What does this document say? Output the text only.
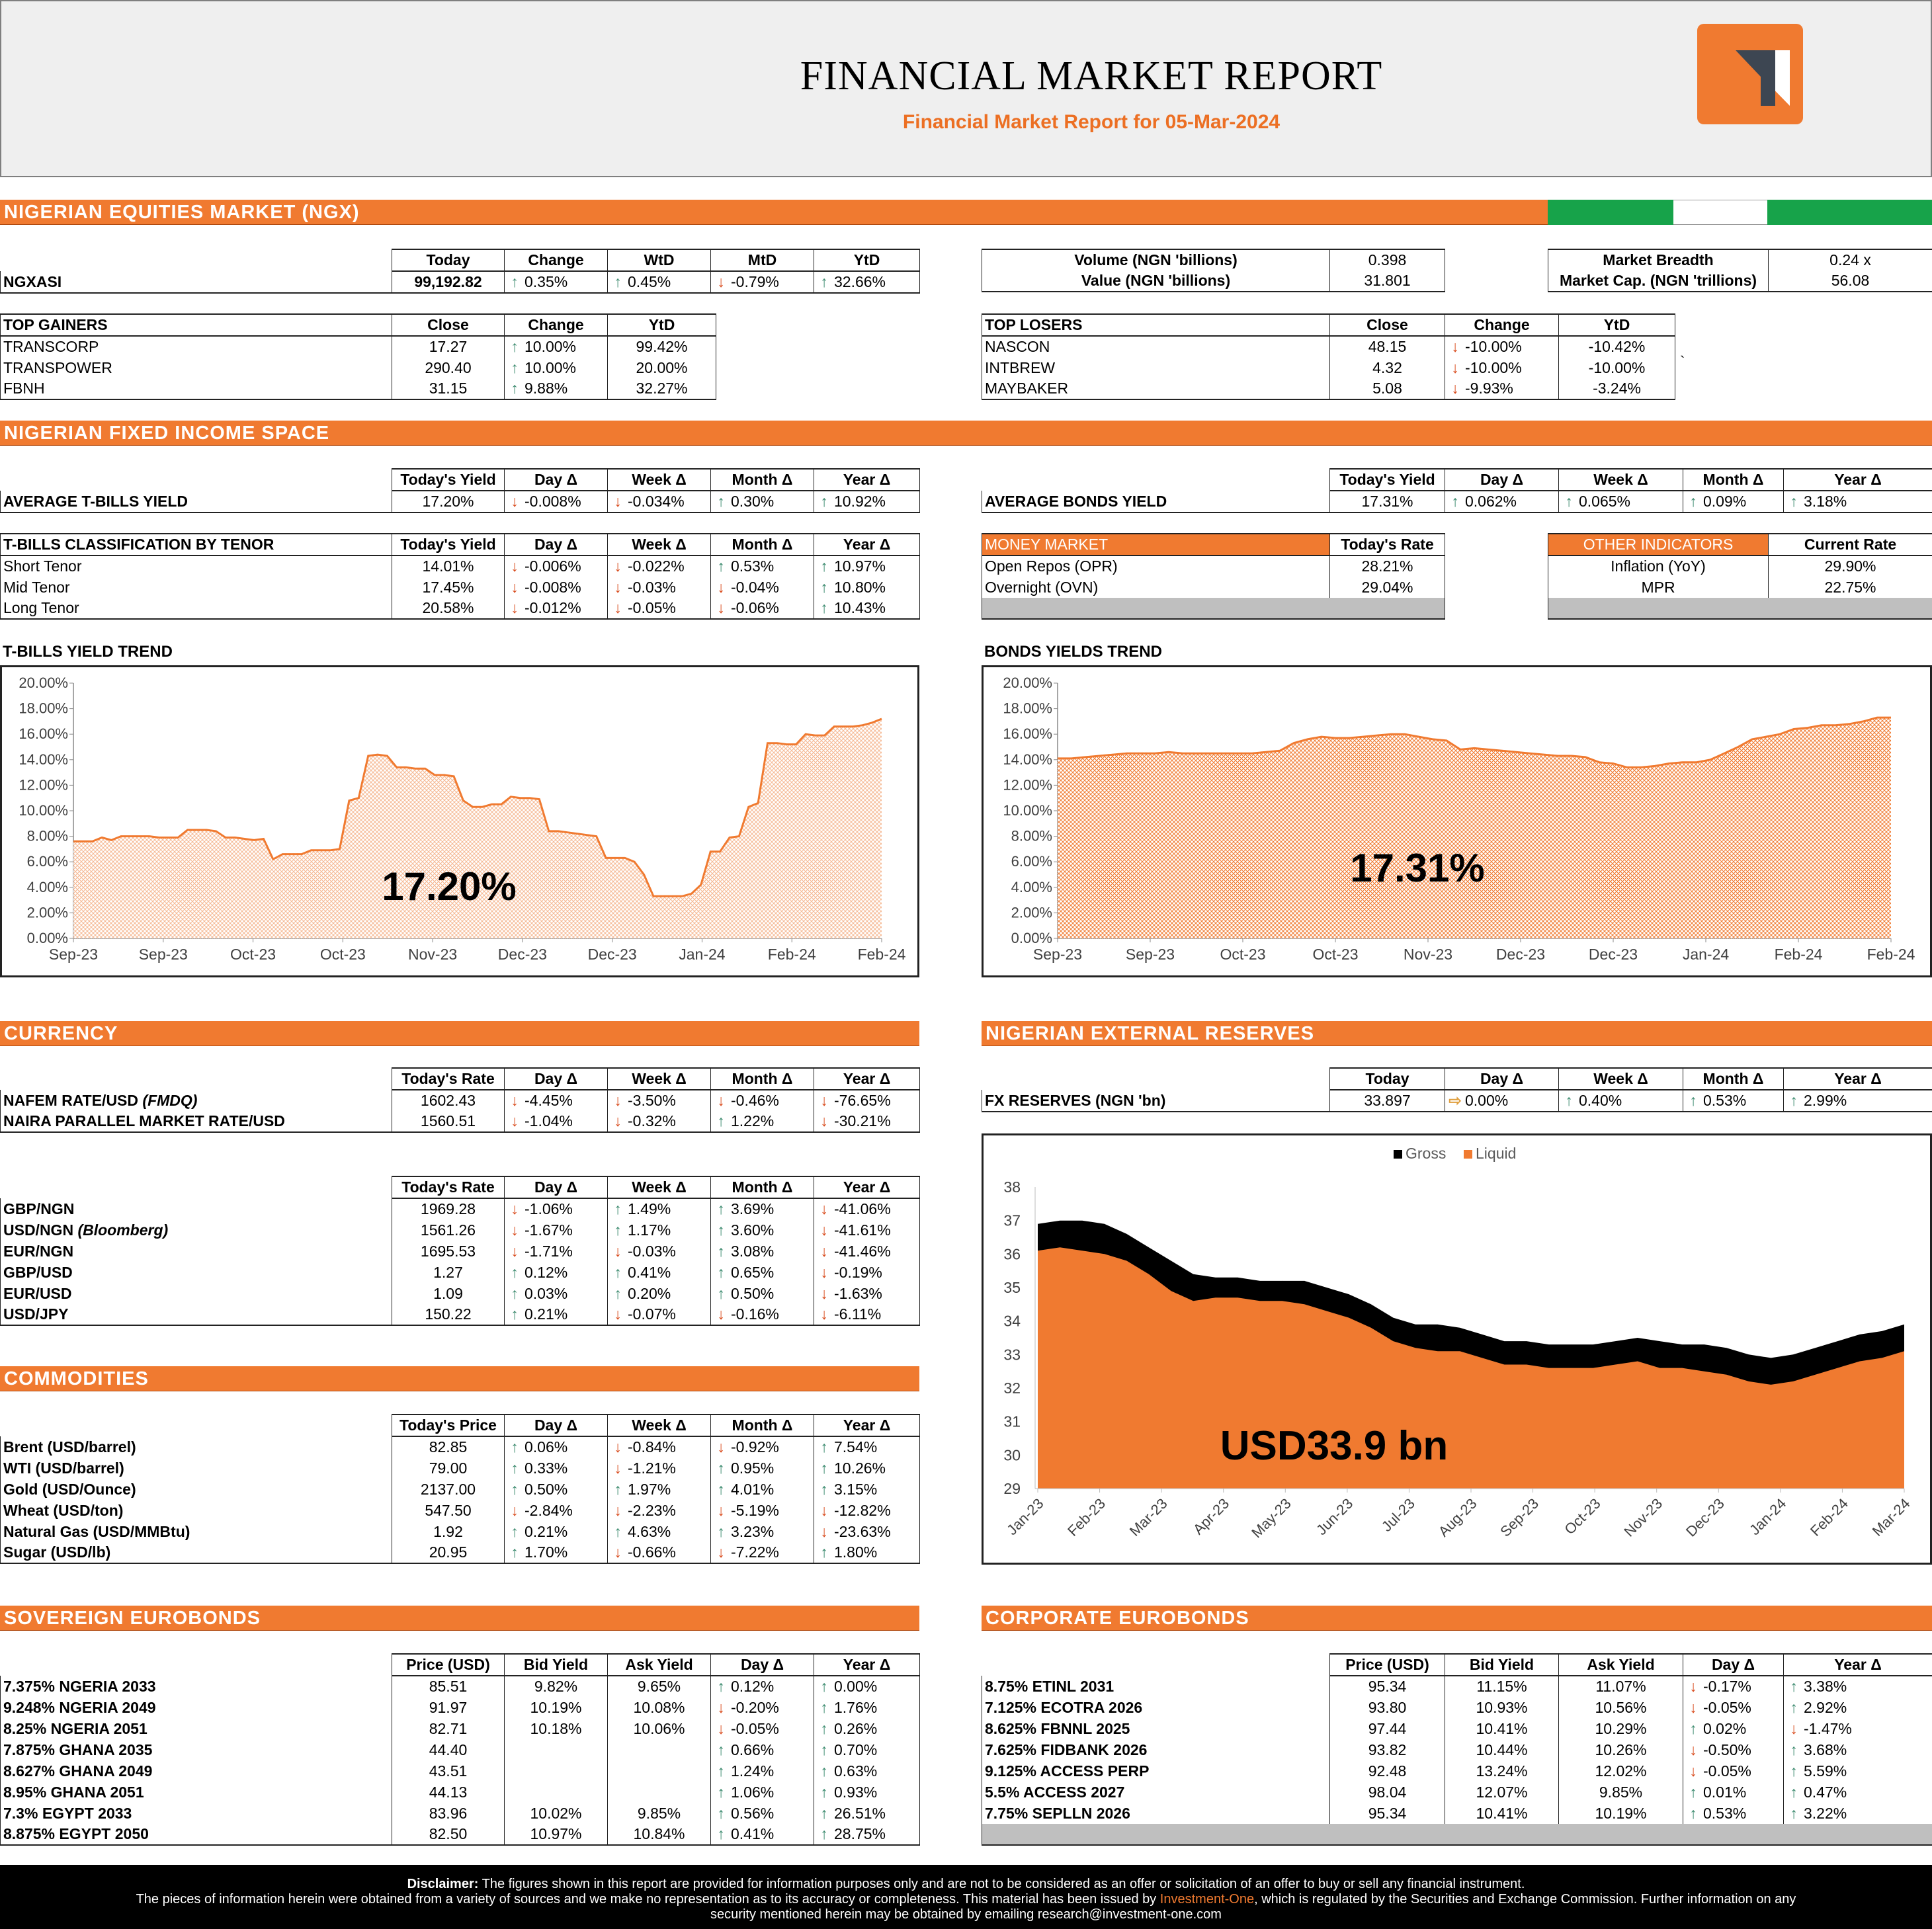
FINANCIAL MARKET REPORT
Financial Market Report for 05-Mar-2024
NIGERIAN EQUITIES MARKET (NGX)
	Today	Change	WtD	MtD	YtD
NGXASI	99,192.82	↑ 0.35%	↑ 0.45%	↓ -0.79%	↑ 32.66%
Volume (NGN 'billions)	0.398
Value (NGN 'billions)	31.801
Market Breadth	0.24 x
Market Cap. (NGN 'trillions)	56.08
TOP GAINERS	Close	Change	YtD
TRANSCORP	17.27	↑ 10.00%	99.42%
TRANSPOWER	290.40	↑ 10.00%	20.00%
FBNH	31.15	↑ 9.88%	32.27%
TOP LOSERS	Close	Change	YtD
NASCON	48.15	↓ -10.00%	-10.42%
INTBREW	4.32	↓ -10.00%	-10.00%
MAYBAKER	5.08	↓ -9.93%	-3.24%
`
NIGERIAN FIXED INCOME SPACE
	Today's Yield	Day Δ	Week Δ	Month Δ	Year Δ
AVERAGE T-BILLS YIELD	17.20%	↓ -0.008%	↓ -0.034%	↑ 0.30%	↑ 10.92%
	Today's Yield	Day Δ	Week Δ	Month Δ	Year Δ
AVERAGE BONDS YIELD	17.31%	↑ 0.062%	↑ 0.065%	↑ 0.09%	↑ 3.18%
T-BILLS CLASSIFICATION BY TENOR	Today's Yield	Day Δ	Week Δ	Month Δ	Year Δ
Short Tenor	14.01%	↓ -0.006%	↓ -0.022%	↑ 0.53%	↑ 10.97%
Mid Tenor	17.45%	↓ -0.008%	↓ -0.03%	↓ -0.04%	↑ 10.80%
Long Tenor	20.58%	↓ -0.012%	↓ -0.05%	↓ -0.06%	↑ 10.43%
MONEY MARKET	Today's Rate
Open Repos (OPR)	28.21%
Overnight (OVN)	29.04%

OTHER INDICATORS	Current Rate
Inflation (YoY)	29.90%
MPR	22.75%

T-BILLS YIELD TREND	BONDS YIELDS TREND
20.00%
18.00%
16.00%
14.00%
12.00%
10.00%
8.00%
6.00%
4.00%
2.00%
0.00%
Sep-23	Sep-23	Oct-23	Oct-23	Nov-23	Dec-23	Dec-23	Jan-24	Feb-24	Feb-24
17.20%
20.00%
18.00%
16.00%
14.00%
12.00%
10.00%
8.00%
6.00%
4.00%
2.00%
0.00%
Sep-23	Sep-23	Oct-23	Oct-23	Nov-23	Dec-23	Dec-23	Jan-24	Feb-24	Feb-24
17.31%
CURRENCY
	Today's Rate	Day Δ	Week Δ	Month Δ	Year Δ
NAFEM RATE/USD (FMDQ)	1602.43	↓ -4.45%	↓ -3.50%	↓ -0.46%	↓ -76.65%
NAIRA PARALLEL MARKET RATE/USD	1560.51	↓ -1.04%	↓ -0.32%	↑ 1.22%	↓ -30.21%
	Today's Rate	Day Δ	Week Δ	Month Δ	Year Δ
GBP/NGN	1969.28	↓ -1.06%	↑ 1.49%	↑ 3.69%	↓ -41.06%
USD/NGN (Bloomberg)	1561.26	↓ -1.67%	↑ 1.17%	↑ 3.60%	↓ -41.61%
EUR/NGN	1695.53	↓ -1.71%	↓ -0.03%	↑ 3.08%	↓ -41.46%
GBP/USD	1.27	↑ 0.12%	↑ 0.41%	↑ 0.65%	↓ -0.19%
EUR/USD	1.09	↑ 0.03%	↑ 0.20%	↑ 0.50%	↓ -1.63%
USD/JPY	150.22	↑ 0.21%	↓ -0.07%	↓ -0.16%	↓ -6.11%
NIGERIAN EXTERNAL RESERVES
	Today	Day Δ	Week Δ	Month Δ	Year Δ
FX RESERVES (NGN 'bn)	33.897	⇨ 0.00%	↑ 0.40%	↑ 0.53%	↑ 2.99%
Gross Liquid
38
37
36
35
34
33
32
31
30
29
Jan-23 Feb-23 Mar-23 Apr-23 May-23 Jun-23 Jul-23 Aug-23 Sep-23 Oct-23 Nov-23 Dec-23 Jan-24 Feb-24 Mar-24
USD33.9 bn
COMMODITIES
	Today's Price	Day Δ	Week Δ	Month Δ	Year Δ
Brent (USD/barrel)	82.85	↑ 0.06%	↓ -0.84%	↓ -0.92%	↑ 7.54%
WTI (USD/barrel)	79.00	↑ 0.33%	↓ -1.21%	↑ 0.95%	↑ 10.26%
Gold (USD/Ounce)	2137.00	↑ 0.50%	↑ 1.97%	↑ 4.01%	↑ 3.15%
Wheat (USD/ton)	547.50	↓ -2.84%	↓ -2.23%	↓ -5.19%	↓ -12.82%
Natural Gas (USD/MMBtu)	1.92	↑ 0.21%	↑ 4.63%	↑ 3.23%	↓ -23.63%
Sugar (USD/lb)	20.95	↑ 1.70%	↓ -0.66%	↓ -7.22%	↑ 1.80%
SOVEREIGN EUROBONDS	CORPORATE EUROBONDS
	Price (USD)	Bid Yield	Ask Yield	Day Δ	Year Δ
7.375% NGERIA 2033	85.51	9.82%	9.65%	↑ 0.12%	↑ 0.00%
9.248% NGERIA 2049	91.97	10.19%	10.08%	↓ -0.20%	↑ 1.76%
8.25% NGERIA 2051	82.71	10.18%	10.06%	↓ -0.05%	↑ 0.26%
7.875% GHANA 2035	44.40			↑ 0.66%	↑ 0.70%
8.627% GHANA 2049	43.51			↑ 1.24%	↑ 0.63%
8.95% GHANA 2051	44.13			↑ 1.06%	↑ 0.93%
7.3% EGYPT 2033	83.96	10.02%	9.85%	↑ 0.56%	↑ 26.51%
8.875% EGYPT 2050	82.50	10.97%	10.84%	↑ 0.41%	↑ 28.75%
	Price (USD)	Bid Yield	Ask Yield	Day Δ	Year Δ
8.75% ETINL 2031	95.34	11.15%	11.07%	↓ -0.17%	↑ 3.38%
7.125% ECOTRA 2026	93.80	10.93%	10.56%	↓ -0.05%	↑ 2.92%
8.625% FBNNL 2025	97.44	10.41%	10.29%	↑ 0.02%	↓ -1.47%
7.625% FIDBANK 2026	93.82	10.44%	10.26%	↓ -0.50%	↑ 3.68%
9.125% ACCESS PERP	92.48	13.24%	12.02%	↓ -0.05%	↑ 5.59%
5.5% ACCESS 2027	98.04	12.07%	9.85%	↑ 0.01%	↑ 0.47%
7.75% SEPLLN 2026	95.34	10.41%	10.19%	↑ 0.53%	↑ 3.22%

Disclaimer: The figures shown in this report are provided for information purposes only and are not to be considered as an offer or solicitation of an offer to buy or sell any financial instrument.
The pieces of information herein were obtained from a variety of sources and we make no representation as to its accuracy or completeness. This material has been issued by Investment-One, which is regulated by the Securities and Exchange Commission. Further information on any
security mentioned herein may be obtained by emailing research@investment-one.com
